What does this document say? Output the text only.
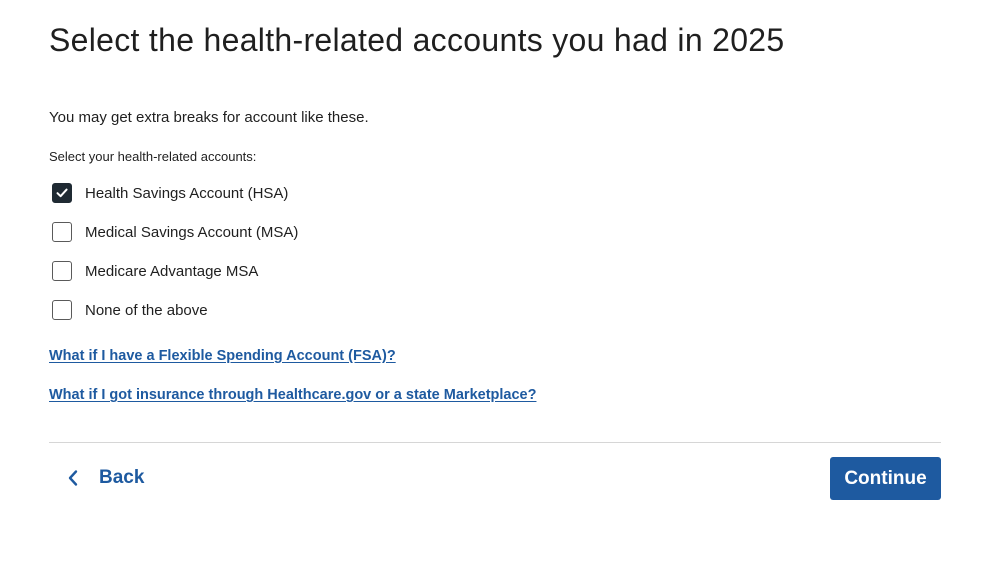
Select the health-related accounts you had in 2025
You may get extra breaks for account like these.
Select your health-related accounts:
Health Savings Account (HSA)
Medical Savings Account (MSA)
Medicare Advantage MSA
None of the above
What if I have a Flexible Spending Account (FSA)?
What if I got insurance through Healthcare.gov or a state Marketplace?
Back	Continue
